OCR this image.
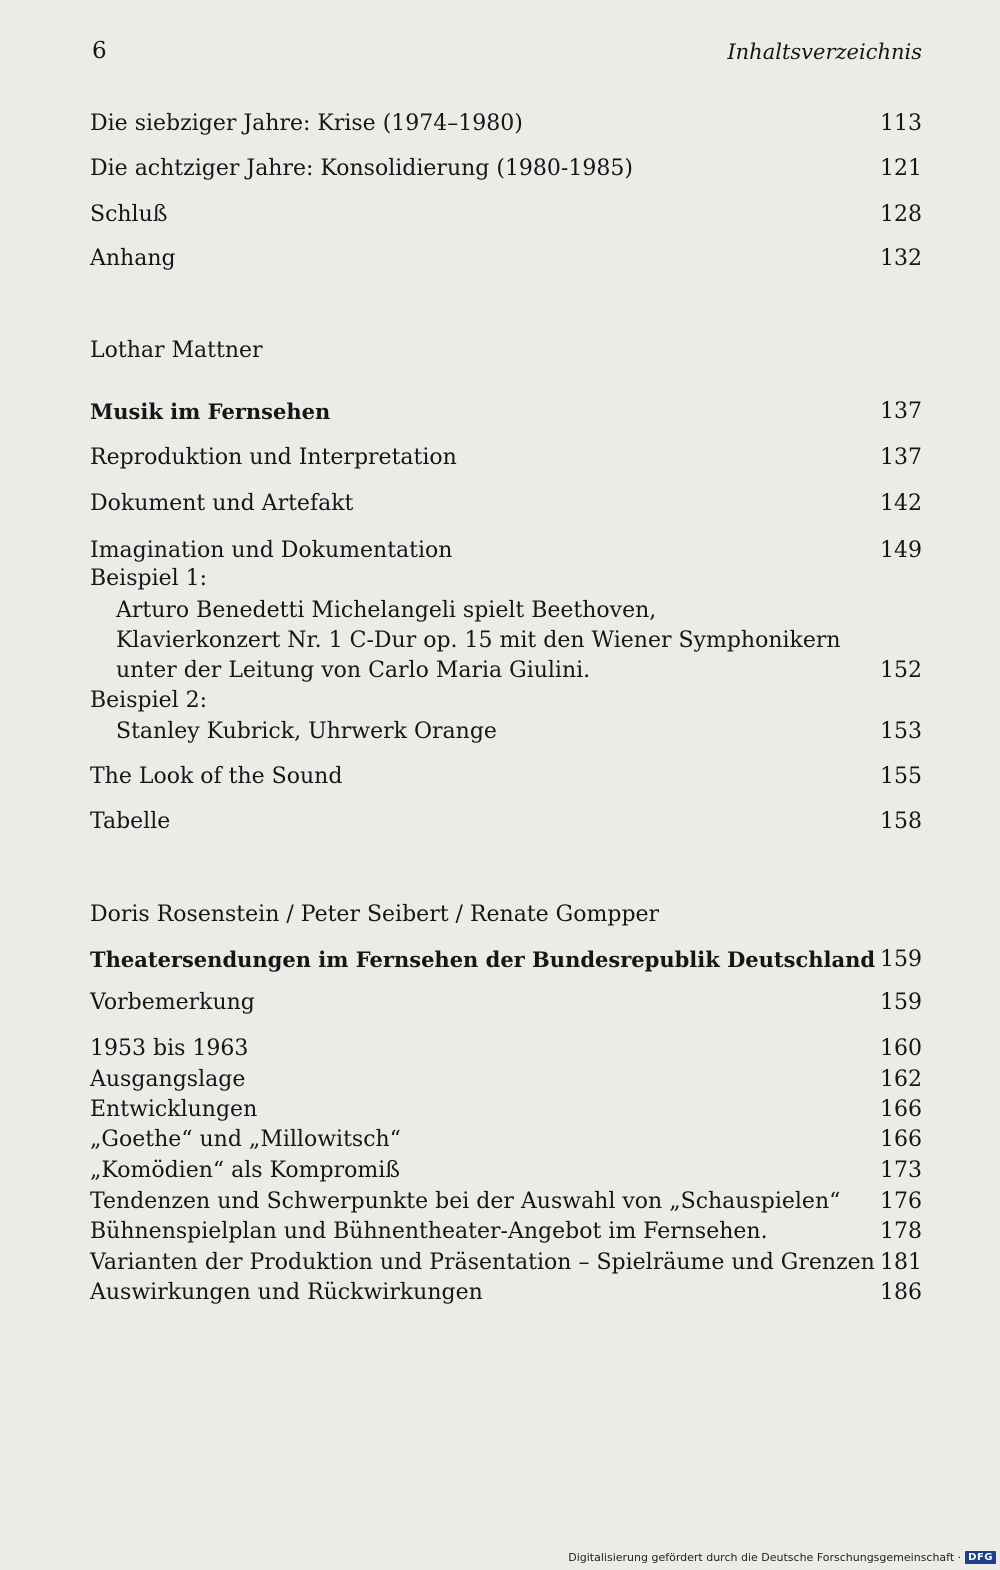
6	Inhaltsverzeichnis
Die siebziger Jahre: Krise (1974–1980)	113
Die achtziger Jahre: Konsolidierung (1980-1985)	121
Schluß	128
Anhang	132
Lothar Mattner
Musik im Fernsehen	137
Reproduktion und Interpretation	137
Dokument und Artefakt	142
Imagination und Dokumentation	149
Beispiel 1:
Arturo Benedetti Michelangeli spielt Beethoven,
Klavierkonzert Nr. 1 C-Dur op. 15 mit den Wiener Symphonikern
unter der Leitung von Carlo Maria Giulini.	152
Beispiel 2:
Stanley Kubrick, Uhrwerk Orange	153
The Look of the Sound	155
Tabelle	158
Doris Rosenstein / Peter Seibert / Renate Gompper
Theatersendungen im Fernsehen der Bundesrepublik Deutschland 159
Vorbemerkung	159
1953 bis 1963	160
Ausgangslage	162
Entwicklungen	166
„Goethe“ und „Millowitsch“	166
„Komödien“ als Kompromiß	173
Tendenzen und Schwerpunkte bei der Auswahl von „Schauspielen“ 176
Bühnenspielplan und Bühnentheater-Angebot im Fernsehen.	178
Varianten der Produktion und Präsentation – Spielräume und Grenzen 181
Auswirkungen und Rückwirkungen	186
Digitalisierung gefördert durch die Deutsche Forschungsgemeinschaft · DFG
